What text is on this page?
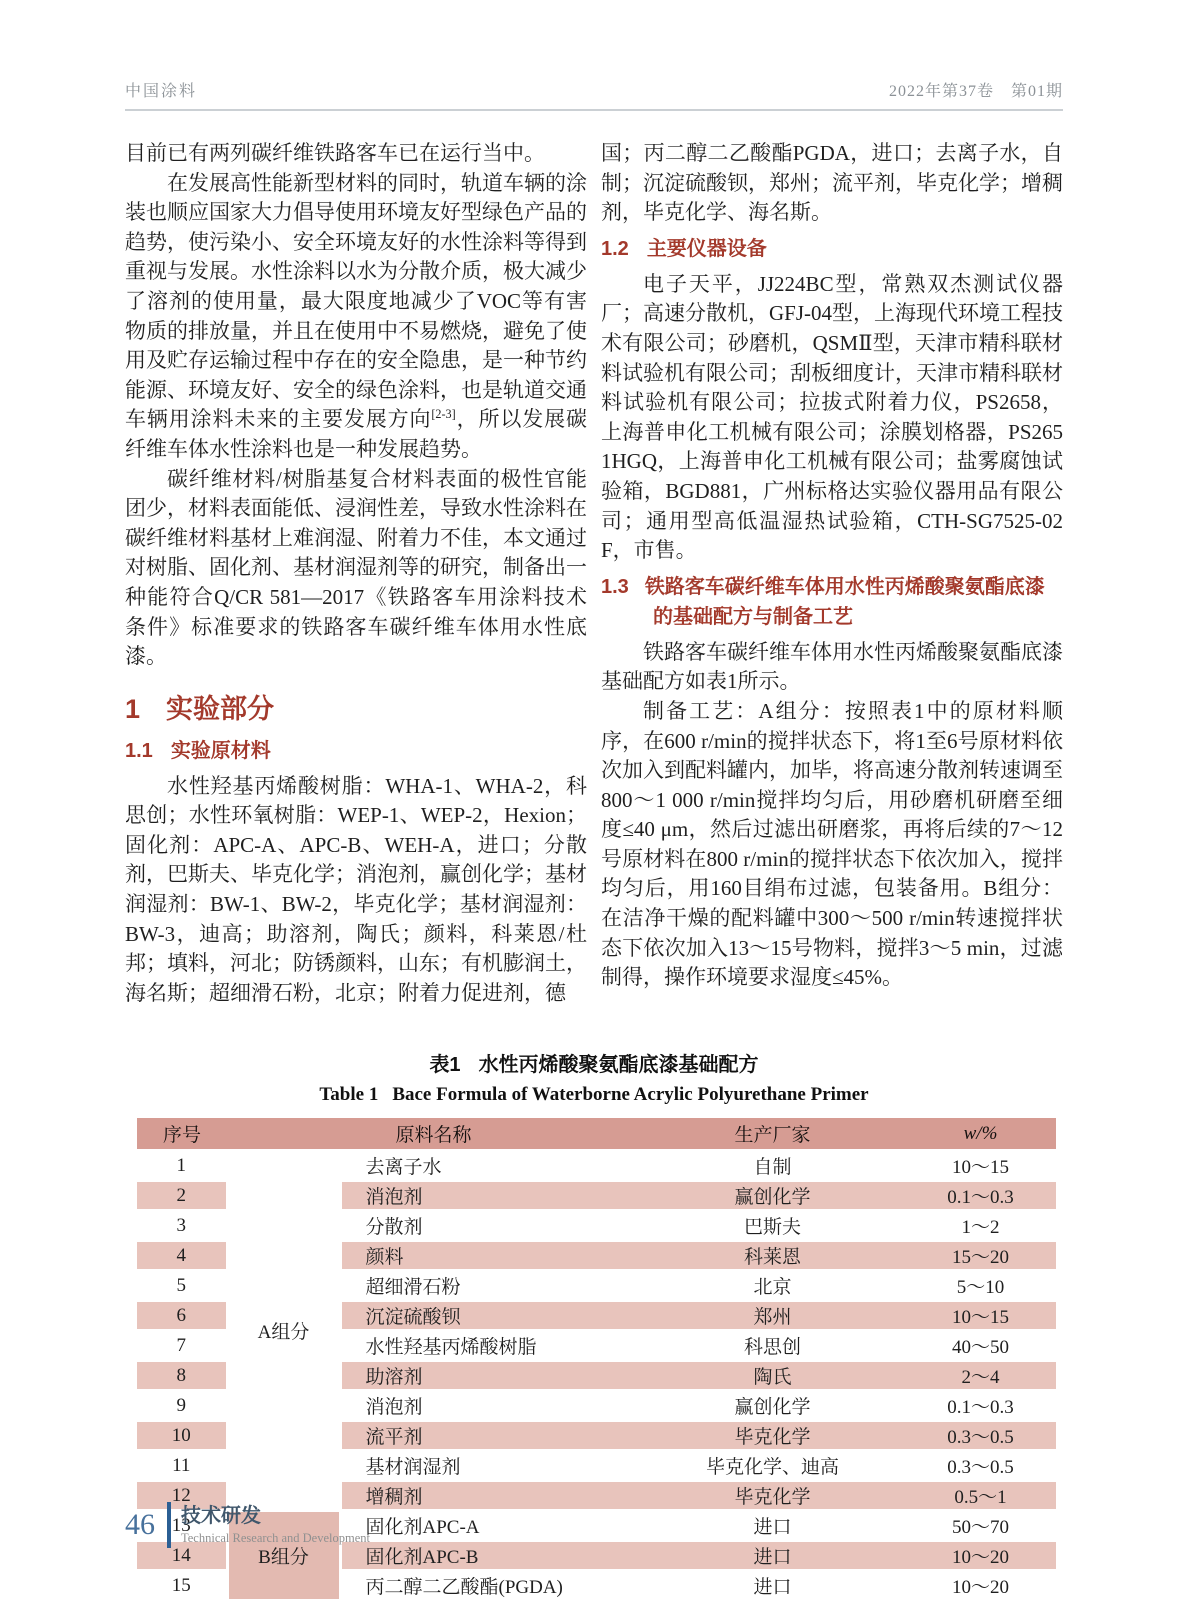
中国涂料	2022年第37卷　第01期

目前已有两列碳纤维铁路客车已在运行当中。

在发展高性能新型材料的同时，轨道车辆的涂装也顺应国家大力倡导使用环境友好型绿色产品的趋势，使污染小、安全环境友好的水性涂料等得到重视与发展。水性涂料以水为分散介质，极大减少了溶剂的使用量，最大限度地减少了VOC等有害物质的排放量，并且在使用中不易燃烧，避免了使用及贮存运输过程中存在的安全隐患，是一种节约能源、环境友好、安全的绿色涂料，也是轨道交通车辆用涂料未来的主要发展方向[2-3]，所以发展碳纤维车体水性涂料也是一种发展趋势。

碳纤维材料/树脂基复合材料表面的极性官能团少，材料表面能低、浸润性差，导致水性涂料在碳纤维材料基材上难润湿、附着力不佳，本文通过对树脂、固化剂、基材润湿剂等的研究，制备出一种能符合Q/CR 581—2017《铁路客车用涂料技术条件》标准要求的铁路客车碳纤维车体用水性底漆。

1 实验部分
1.1 实验原材料

水性羟基丙烯酸树脂：WHA-1、WHA-2，科思创；水性环氧树脂：WEP-1、WEP-2，Hexion；固化剂：APC-A、APC-B、WEH-A，进口；分散剂，巴斯夫、毕克化学；消泡剂，赢创化学；基材润湿剂：BW-1、BW-2，毕克化学；基材润湿剂：BW-3，迪高；助溶剂，陶氏；颜料，科莱恩/杜邦；填料，河北；防锈颜料，山东；有机膨润土，海名斯；超细滑石粉，北京；附着力促进剂，德

国；丙二醇二乙酸酯PGDA，进口；去离子水，自制；沉淀硫酸钡，郑州；流平剂，毕克化学；增稠剂，毕克化学、海名斯。

1.2 主要仪器设备

电子天平，JJ224BC型，常熟双杰测试仪器厂；高速分散机，GFJ-04型，上海现代环境工程技术有限公司；砂磨机，QSMⅡ型，天津市精科联材料试验机有限公司；刮板细度计，天津市精科联材料试验机有限公司；拉拔式附着力仪，PS2658，上海普申化工机械有限公司；涂膜划格器，PS2651HGQ，上海普申化工机械有限公司；盐雾腐蚀试验箱，BGD881，广州标格达实验仪器用品有限公司；通用型高低温湿热试验箱，CTH-SG7525-02F，市售。

1.3 铁路客车碳纤维车体用水性丙烯酸聚氨酯底漆的基础配方与制备工艺

铁路客车碳纤维车体用水性丙烯酸聚氨酯底漆基础配方如表1所示。

制备工艺：A组分：按照表1中的原材料顺序，在600 r/min的搅拌状态下，将1至6号原材料依次加入到配料罐内，加毕，将高速分散剂转速调至800～1 000 r/min搅拌均匀后，用砂磨机研磨至细度≤40 μm，然后过滤出研磨浆，再将后续的7～12号原材料在800 r/min的搅拌状态下依次加入，搅拌均匀后，用160目绢布过滤，包装备用。B组分：在洁净干燥的配料罐中300～500 r/min转速搅拌状态下依次加入13～15号物料，搅拌3～5 min，过滤制得，操作环境要求湿度≤45%。

表1 水性丙烯酸聚氨酯底漆基础配方
Table 1 Bace Formula of Waterborne Acrylic Polyurethane Primer
序号	原料名称		生产厂家	w/%
1	A组分	去离子水	自制	10～15
2		消泡剂	赢创化学	0.1～0.3
3		分散剂	巴斯夫	1～2
4		颜料	科莱恩	15～20
5		超细滑石粉	北京	5～10
6		沉淀硫酸钡	郑州	10～15
7		水性羟基丙烯酸树脂	科思创	40～50
8		助溶剂	陶氏	2～4
9		消泡剂	赢创化学	0.1～0.3
10		流平剂	毕克化学	0.3～0.5
11		基材润湿剂	毕克化学、迪高	0.3～0.5
12		增稠剂	毕克化学	0.5～1
13	B组分	固化剂APC-A	进口	50～70
14		固化剂APC-B	进口	10～20
15		丙二醇二乙酸酯(PGDA)	进口	10～20
46 技术研发
Technical Research and Development
